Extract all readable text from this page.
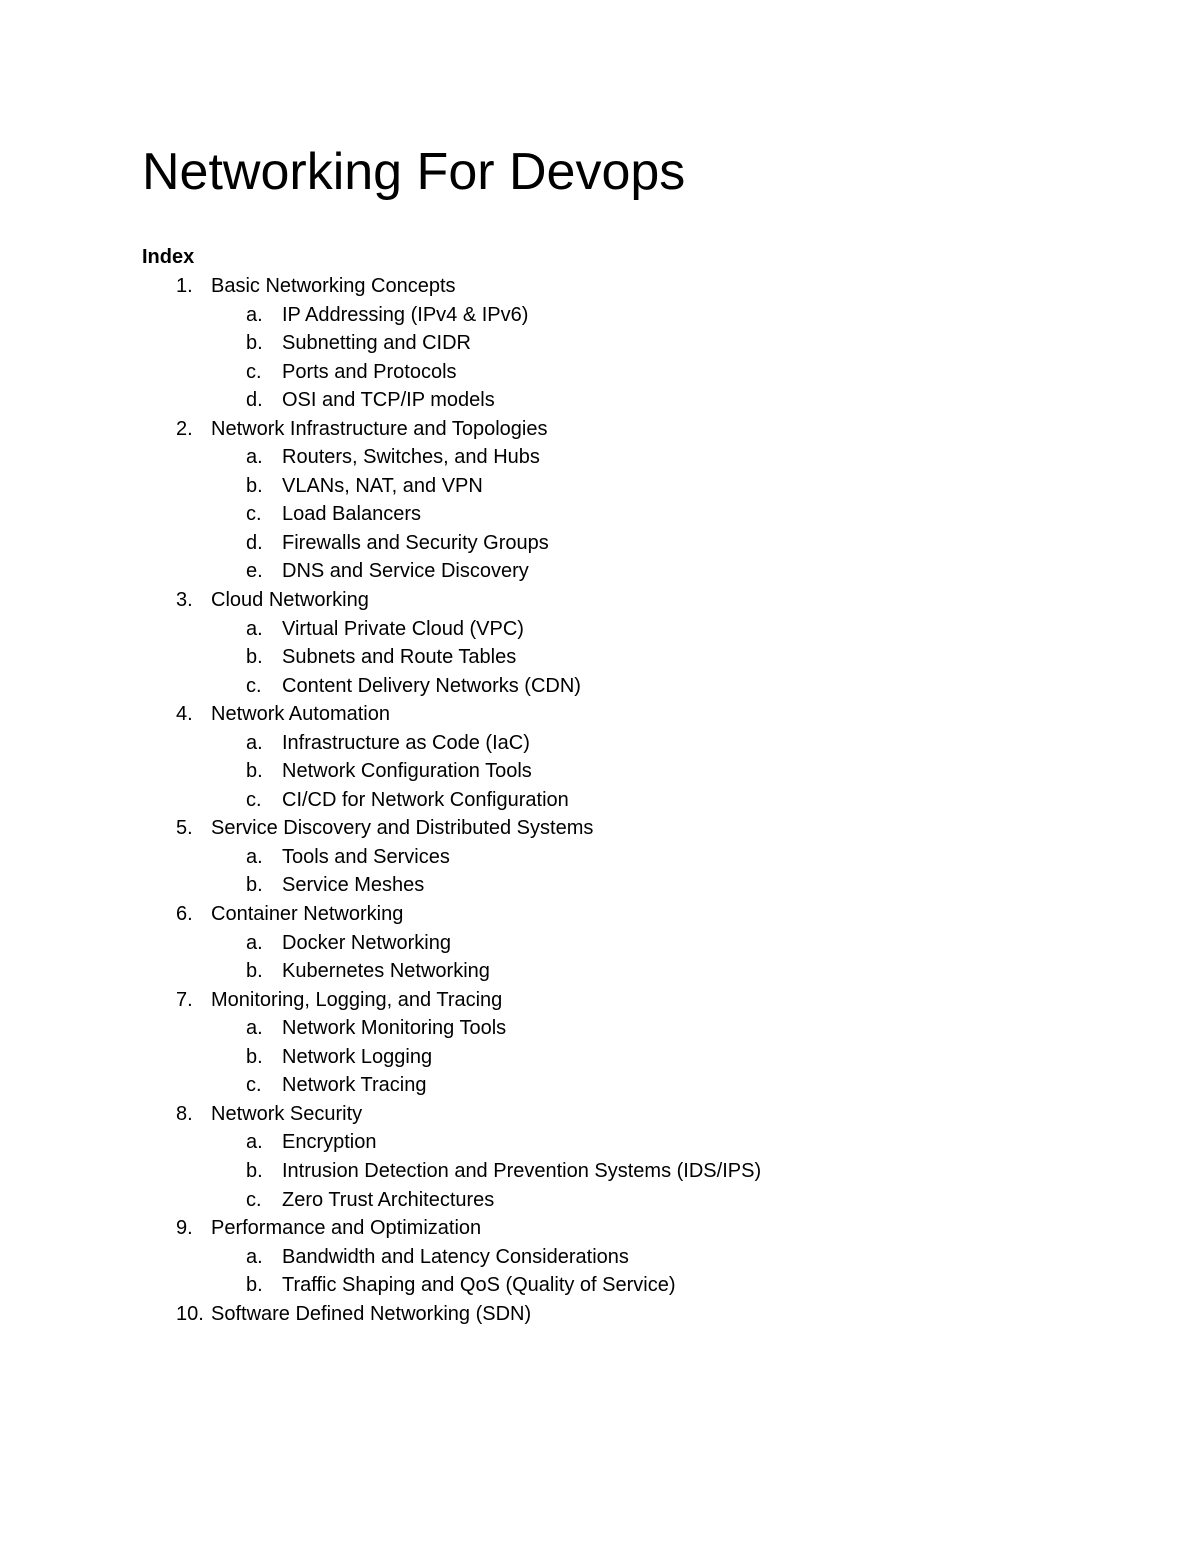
Networking For Devops
Index
1. Basic Networking Concepts
a. IP Addressing (IPv4 & IPv6)
b. Subnetting and CIDR
c. Ports and Protocols
d. OSI and TCP/IP models
2. Network Infrastructure and Topologies
a. Routers, Switches, and Hubs
b. VLANs, NAT, and VPN
c. Load Balancers
d. Firewalls and Security Groups
e. DNS and Service Discovery
3. Cloud Networking
a. Virtual Private Cloud (VPC)
b. Subnets and Route Tables
c. Content Delivery Networks (CDN)
4. Network Automation
a. Infrastructure as Code (IaC)
b. Network Configuration Tools
c. CI/CD for Network Configuration
5. Service Discovery and Distributed Systems
a. Tools and Services
b. Service Meshes
6. Container Networking
a. Docker Networking
b. Kubernetes Networking
7. Monitoring, Logging, and Tracing
a. Network Monitoring Tools
b. Network Logging
c. Network Tracing
8. Network Security
a. Encryption
b. Intrusion Detection and Prevention Systems (IDS/IPS)
c. Zero Trust Architectures
9. Performance and Optimization
a. Bandwidth and Latency Considerations
b. Traffic Shaping and QoS (Quality of Service)
10. Software Defined Networking (SDN)
